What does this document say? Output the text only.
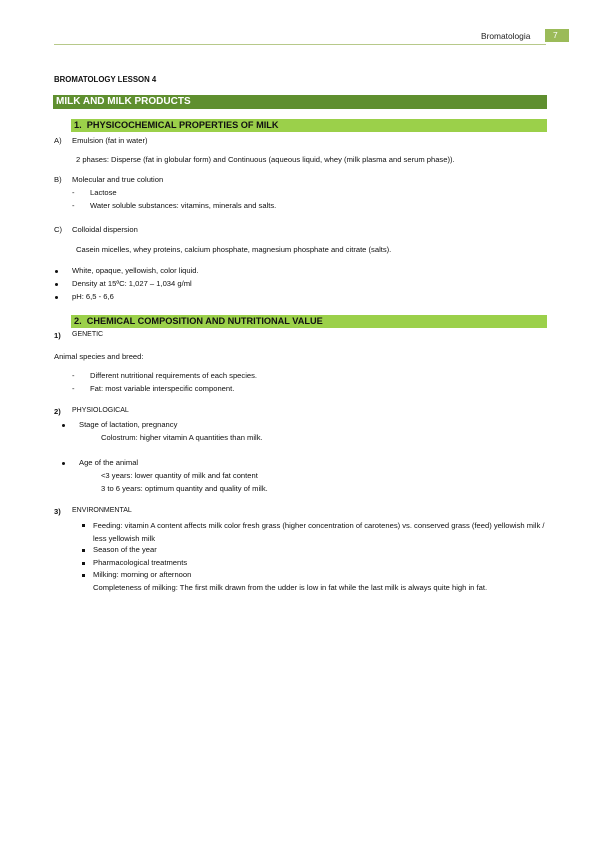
Bromatologia	7
BROMATOLOGY LESSON 4
MILK AND MILK PRODUCTS
1. PHYSICOCHEMICAL PROPERTIES OF MILK
A) Emulsion (fat in water)
2 phases: Disperse (fat in globular form) and Continuous (aqueous liquid, whey (milk plasma and serum phase)).
B) Molecular and true colution
- Lactose
- Water soluble substances: vitamins, minerals and salts.
C) Colloidal dispersion
Casein micelles, whey proteins, calcium phosphate, magnesium phosphate and citrate (salts).
White, opaque, yellowish, color liquid.
Density at 15ºC: 1,027 – 1,034 g/ml
pH: 6,5 - 6,6
2. CHEMICAL COMPOSITION AND NUTRITIONAL VALUE
1) GENETIC
Animal species and breed:
- Different nutritional requirements of each species.
- Fat: most variable interspecific component.
2) PHYSIOLOGICAL
Stage of lactation, pregnancy
Colostrum: higher vitamin A quantities than milk.
Age of the animal
<3 years: lower quantity of milk and fat content
3 to 6 years: optimum quantity and quality of milk.
3) ENVIRONMENTAL
Feeding: vitamin A content affects milk color fresh grass (higher concentration of carotenes) vs. conserved grass (feed) yellowish milk / less yellowish milk
Season of the year
Pharmacological treatments
Milking: morning or afternoon
Completeness of milking: The first milk drawn from the udder is low in fat while the last milk is always quite high in fat.
